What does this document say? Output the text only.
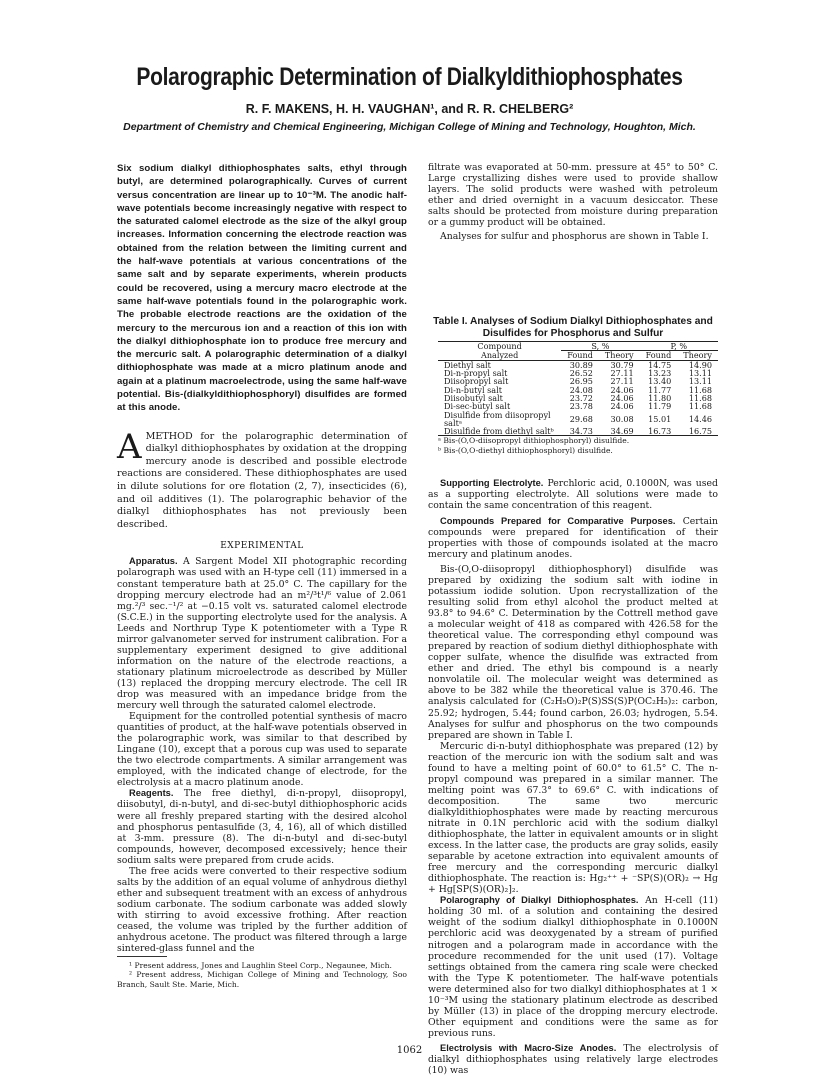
Polarographic Determination of Dialkyldithiophosphates
R. F. MAKENS, H. H. VAUGHAN¹, and R. R. CHELBERG²
Department of Chemistry and Chemical Engineering, Michigan College of Mining and Technology, Houghton, Mich.

Six sodium dialkyl dithiophosphates salts, ethyl through butyl, are determined polarographically. Curves of current versus concentration are linear up to 10⁻³M. The anodic half-wave potentials become increasingly negative with respect to the saturated calomel electrode as the size of the alkyl group increases. Information concerning the electrode reaction was obtained from the relation between the limiting current and the half-wave potentials at various concentrations of the same salt and by separate experiments, wherein products could be recovered, using a mercury macro electrode at the same half-wave potentials found in the polarographic work. The probable electrode reactions are the oxidation of the mercury to the mercurous ion and a reaction of this ion with the dialkyl dithiophosphate ion to produce free mercury and the mercuric salt. A polarographic determination of a dialkyl dithiophosphate was made at a micro platinum anode and again at a platinum macroelectrode, using the same half-wave potential. Bis-(dialkyldithiophosphoryl) disulfides are formed at this anode.

AMETHOD for the polarographic determination of dialkyl dithiophosphates by oxidation at the dropping mercury anode is described and possible electrode reactions are considered. These dithiophosphates are used in dilute solutions for ore flotation (2, 7), insecticides (6), and oil additives (1). The polarographic behavior of the dialkyl dithiophosphates has not previously been described.

EXPERIMENTAL

Apparatus. A Sargent Model XII photographic recording polarograph was used with an H-type cell (11) immersed in a constant temperature bath at 25.0° C. The capillary for the dropping mercury electrode had an m²/³t¹/⁶ value of 2.061 mg.²/³ sec.⁻¹/² at −0.15 volt vs. saturated calomel electrode (S.C.E.) in the supporting electrolyte used for the analysis. A Leeds and Northrup Type K potentiometer with a Type R mirror galvanometer served for instrument calibration. For a supplementary experiment designed to give additional information on the nature of the electrode reactions, a stationary platinum microelectrode as described by Müller (13) replaced the dropping mercury electrode. The cell IR drop was measured with an impedance bridge from the mercury well through the saturated calomel electrode.

Equipment for the controlled potential synthesis of macro quantities of product, at the half-wave potentials observed in the polarographic work, was similar to that described by Lingane (10), except that a porous cup was used to separate the two electrode compartments. A similar arrangement was employed, with the indicated change of electrode, for the electrolysis at a macro platinum anode.

Reagents. The free diethyl, di-n-propyl, diisopropyl, diisobutyl, di-n-butyl, and di-sec-butyl dithiophosphoric acids were all freshly prepared starting with the desired alcohol and phosphorus pentasulfide (3, 4, 16), all of which distilled at 3-mm. pressure (8). The di-n-butyl and di-sec-butyl compounds, however, decomposed excessively; hence their sodium salts were prepared from crude acids.

The free acids were converted to their respective sodium salts by the addition of an equal volume of anhydrous diethyl ether and subsequent treatment with an excess of anhydrous sodium carbonate. The sodium carbonate was added slowly with stirring to avoid excessive frothing. After reaction ceased, the volume was tripled by the further addition of anhydrous acetone. The product was filtered through a large sintered-glass funnel and the

¹ Present address, Jones and Laughlin Steel Corp., Negaunee, Mich.

² Present address, Michigan College of Mining and Technology, Soo Branch, Sault Ste. Marie, Mich.

filtrate was evaporated at 50-mm. pressure at 45° to 50° C. Large crystallizing dishes were used to provide shallow layers. The solid products were washed with petroleum ether and dried overnight in a vacuum desiccator. These salts should be protected from moisture during preparation or a gummy product will be obtained.

Analyses for sulfur and phosphorus are shown in Table I.

Table I. Analyses of Sodium Dialkyl Dithiophosphates and Disulfides for Phosphorus and Sulfur
Compound	S, %		P, %	
Analyzed	Found	Theory	Found	Theory
Diethyl salt	30.89	30.79	14.75	14.90
Di-n-propyl salt	26.52	27.11	13.23	13.11
Diisopropyl salt	26.95	27.11	13.40	13.11
Di-n-butyl salt	24.08	24.06	11.77	11.68
Diisobutyl salt	23.72	24.06	11.80	11.68
Di-sec-butyl salt	23.78	24.06	11.79	11.68
Disulfide from diisopropyl saltᵃ	29.68	30.08	15.01	14.46
Disulfide from diethyl saltᵇ	34.73	34.69	16.73	16.75
ᵃ Bis-(O,O-diisopropyl dithiophosphoryl) disulfide.
ᵇ Bis-(O,O-diethyl dithiophosphoryl) disulfide.

Supporting Electrolyte. Perchloric acid, 0.1000N, was used as a supporting electrolyte. All solutions were made to contain the same concentration of this reagent.

Compounds Prepared for Comparative Purposes. Certain compounds were prepared for identification of their properties with those of compounds isolated at the macro mercury and platinum anodes.

Bis-(O,O-diisopropyl dithiophosphoryl) disulfide was prepared by oxidizing the sodium salt with iodine in potassium iodide solution. Upon recrystallization of the resulting solid from ethyl alcohol the product melted at 93.8° to 94.6° C. Determination by the Cottrell method gave a molecular weight of 418 as compared with 426.58 for the theoretical value. The corresponding ethyl compound was prepared by reaction of sodium diethyl dithiophosphate with copper sulfate, whence the disulfide was extracted from ether and dried. The ethyl bis compound is a nearly nonvolatile oil. The molecular weight was determined as above to be 382 while the theoretical value is 370.46. The analysis calculated for (C₂H₅O)₂P(S)SS(S)P(OC₂H₅)₂: carbon, 25.92; hydrogen, 5.44; found carbon, 26.03; hydrogen, 5.54. Analyses for sulfur and phosphorus on the two compounds prepared are shown in Table I.

Mercuric di-n-butyl dithiophosphate was prepared (12) by reaction of the mercuric ion with the sodium salt and was found to have a melting point of 60.0° to 61.5° C. The n-propyl compound was prepared in a similar manner. The melting point was 67.3° to 69.6° C. with indications of decomposition. The same two mercuric dialkyldithiophosphates were made by reacting mercurous nitrate in 0.1N perchloric acid with the sodium dialkyl dithiophosphate, the latter in equivalent amounts or in slight excess. In the latter case, the products are gray solids, easily separable by acetone extraction into equivalent amounts of free mercury and the corresponding mercuric dialkyl dithiophosphate. The reaction is: Hg₂⁺⁺ + ⁻SP(S)(OR)₂ → Hg + Hg[SP(S)(OR)₂]₂.

Polarography of Dialkyl Dithiophosphates. An H-cell (11) holding 30 ml. of a solution and containing the desired weight of the sodium dialkyl dithiophosphate in 0.1000N perchloric acid was deoxygenated by a stream of purified nitrogen and a polarogram made in accordance with the procedure recommended for the unit used (17). Voltage settings obtained from the camera ring scale were checked with the Type K potentiometer. The half-wave potentials were determined also for two dialkyl dithiophosphates at 1 × 10⁻³M using the stationary platinum electrode as described by Müller (13) in place of the dropping mercury electrode. Other equipment and conditions were the same as for previous runs.

Electrolysis with Macro-Size Anodes. The electrolysis of dialkyl dithiophosphates using relatively large electrodes (10) was

1062
